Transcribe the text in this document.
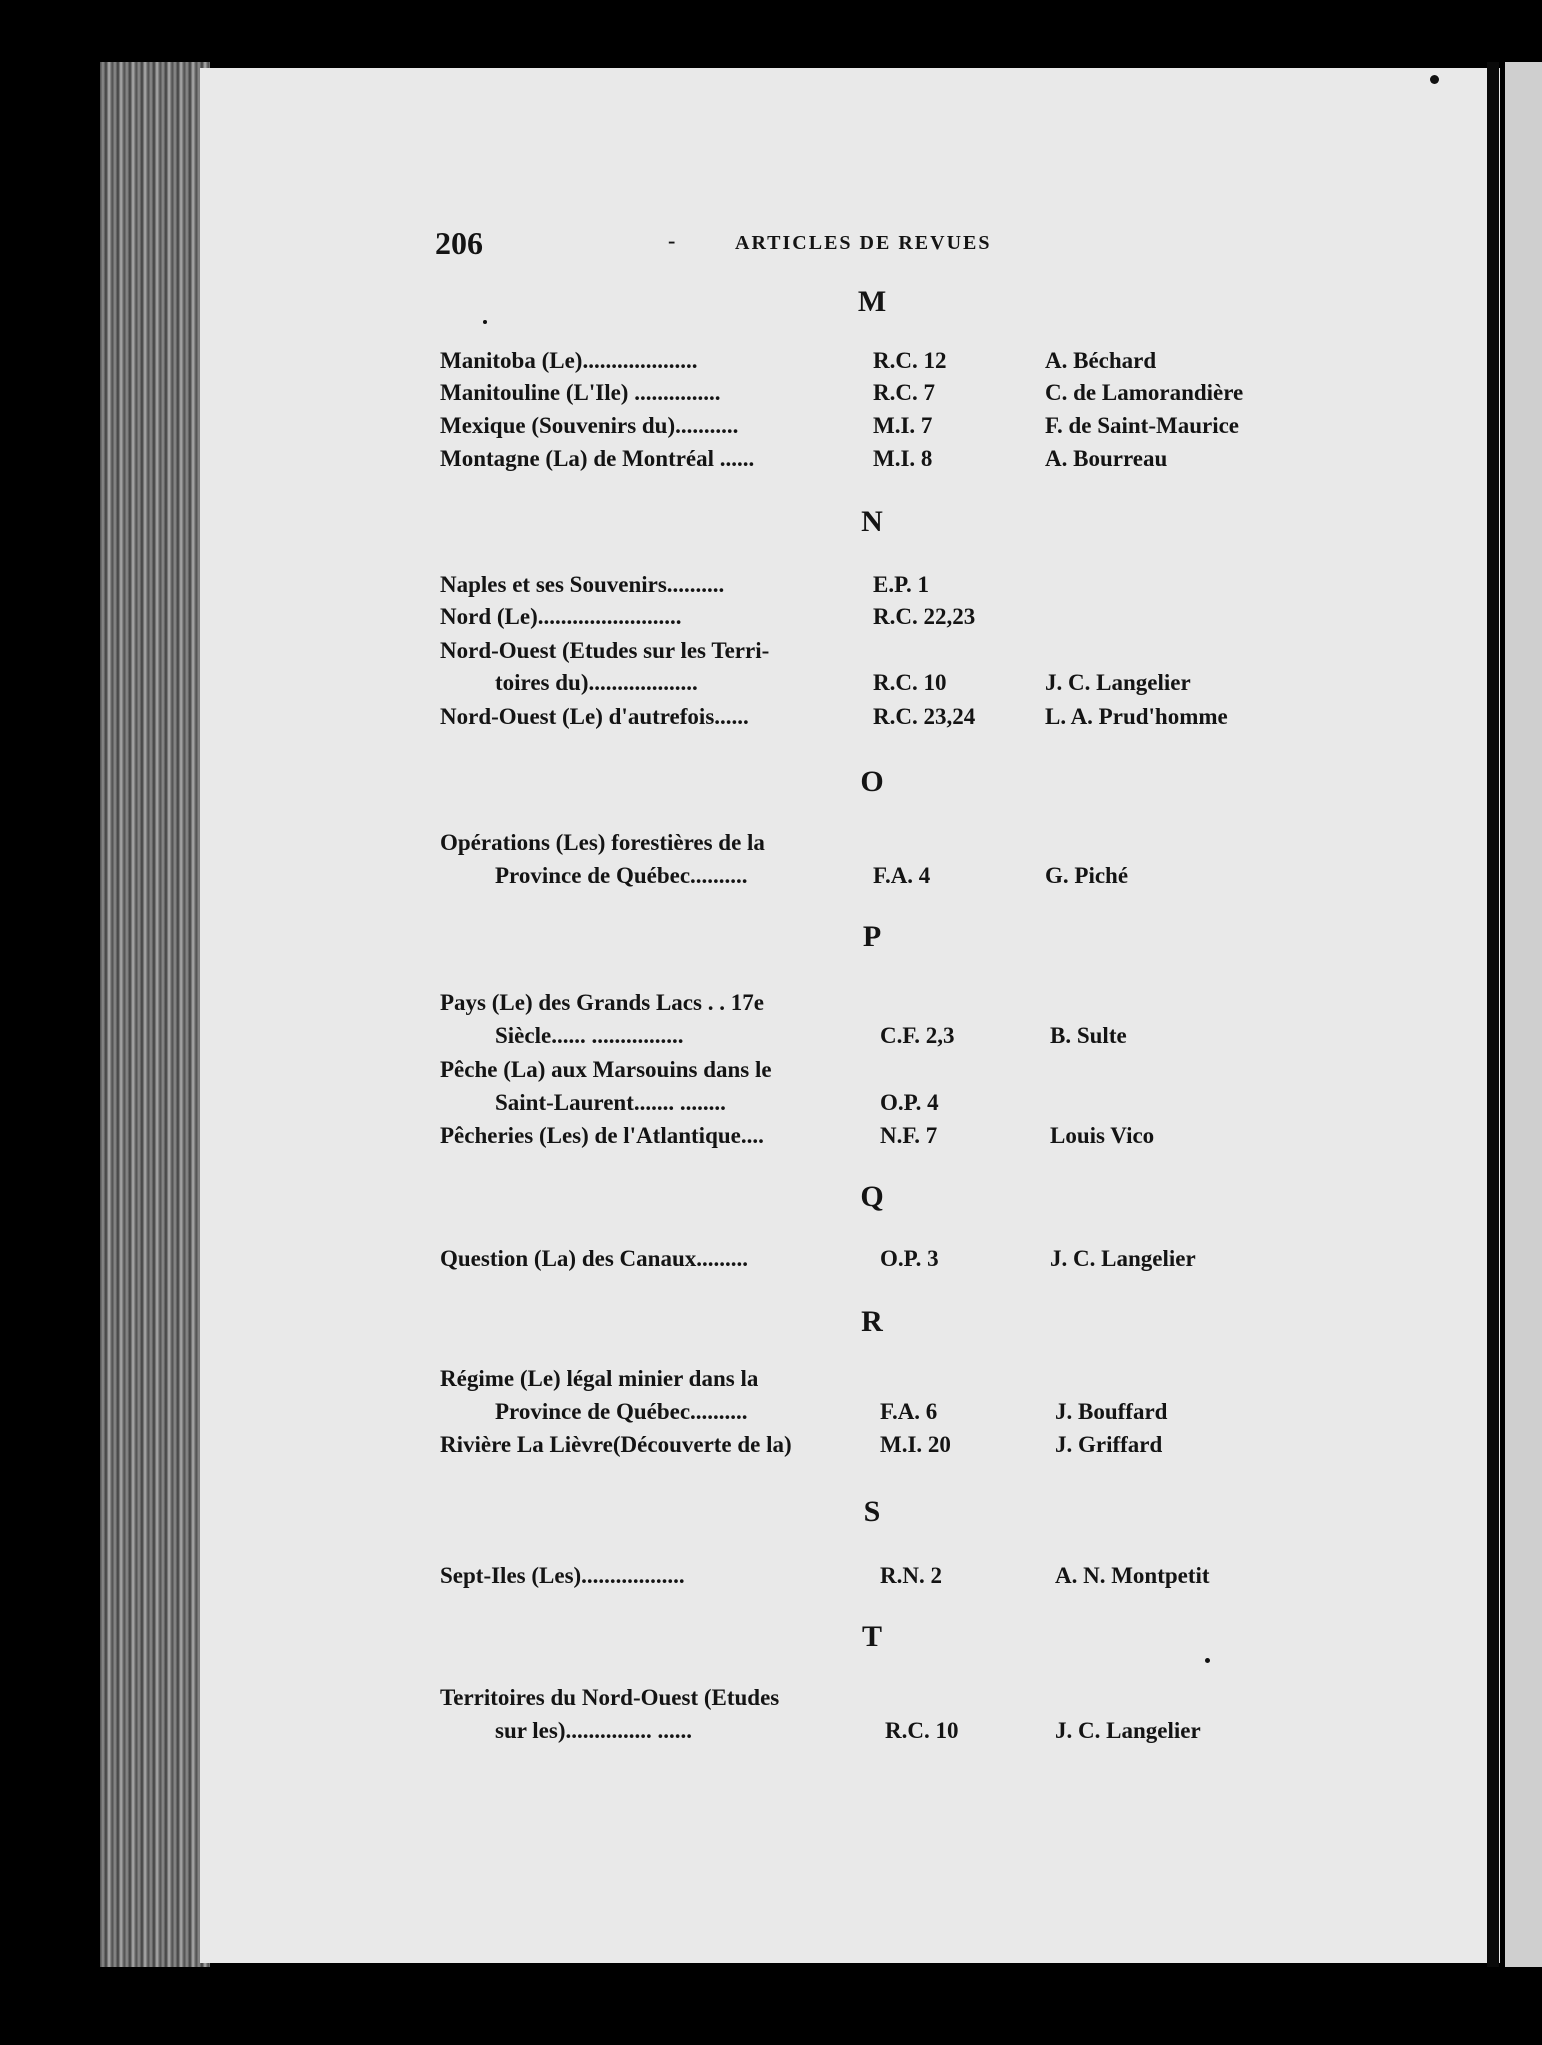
206	-	ARTICLES DE REVUES
M
Manitoba (Le)....................	R.C. 12	A. Béchard
Manitouline (L'Ile) ...............	R.C. 7	C. de Lamorandière
Mexique (Souvenirs du)...........	M.I. 7	F. de Saint-Maurice
Montagne (La) de Montréal ......	M.I. 8	A. Bourreau
N
Naples et ses Souvenirs..........	E.P. 1
Nord (Le).........................	R.C. 22,23
Nord-Ouest (Etudes sur les Terri-
toires du)...................	R.C. 10	J. C. Langelier
Nord-Ouest (Le) d'autrefois......	R.C. 23,24	L. A. Prud'homme
O
Opérations (Les) forestières de la
Province de Québec..........	F.A. 4	G. Piché
P
Pays (Le) des Grands Lacs . . 17e
Siècle...... ................	C.F. 2,3	B. Sulte
Pêche (La) aux Marsouins dans le
Saint-Laurent....... ........	O.P. 4
Pêcheries (Les) de l'Atlantique....	N.F. 7	Louis Vico
Q
Question (La) des Canaux.........	O.P. 3	J. C. Langelier
R
Régime (Le) légal minier dans la
Province de Québec..........	F.A. 6	J. Bouffard
Rivière La Lièvre(Découverte de la)	M.I. 20	J. Griffard
S
Sept-Iles (Les)..................	R.N. 2	A. N. Montpetit
T
Territoires du Nord-Ouest (Etudes
sur les)............... ......	R.C. 10	J. C. Langelier
